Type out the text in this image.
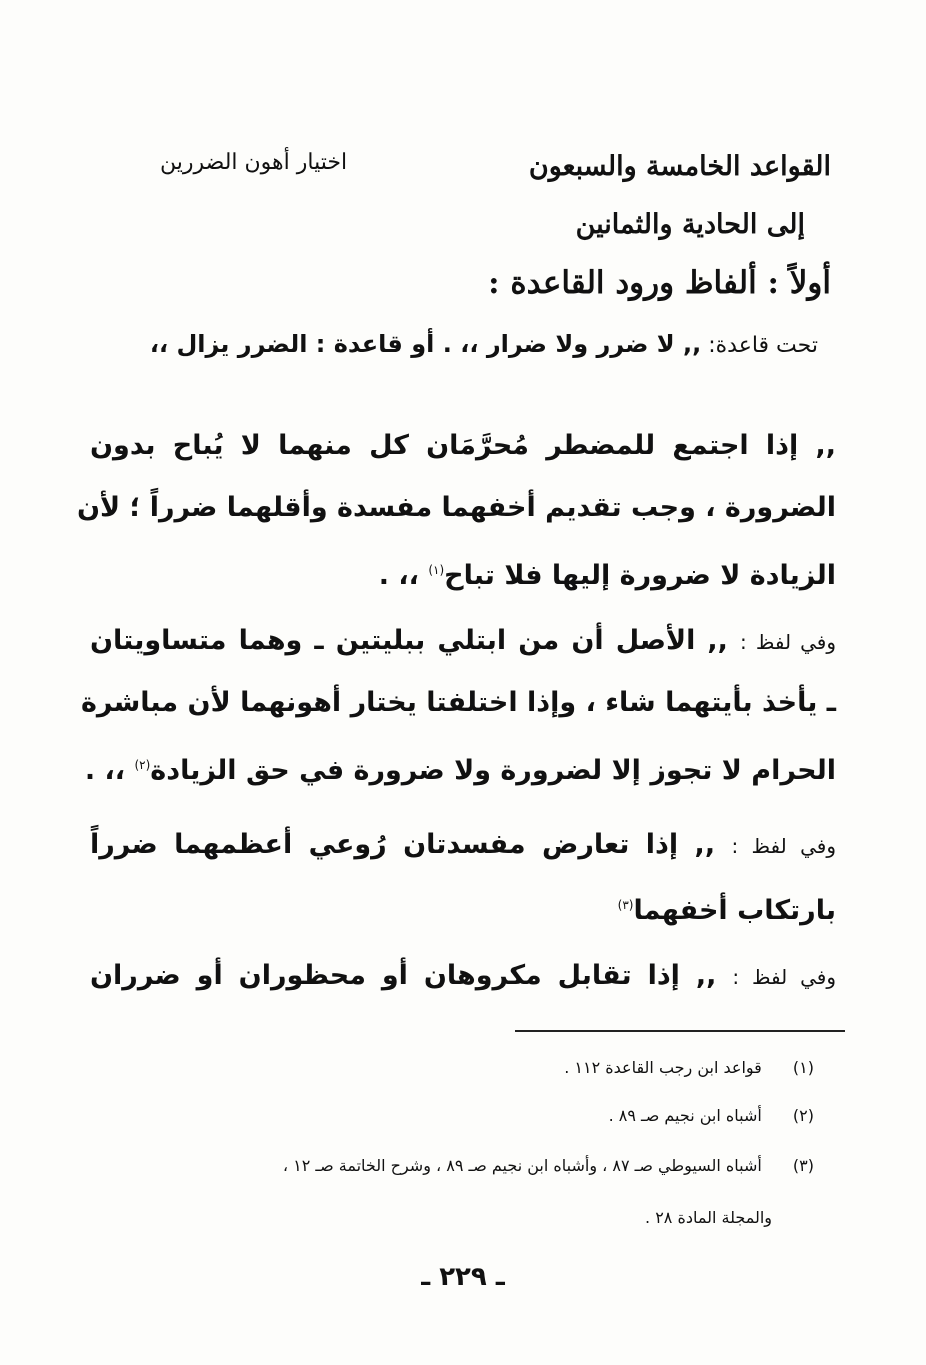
القواعد الخامسة والسبعون
إلى الحادية والثمانين
أولاً : ألفاظ ورود القاعدة :
اختيار أهون الضررين
تحت قاعدة: ,, لا ضرر ولا ضرار ،، . أو قاعدة : الضرر يزال ،،
,, إذا اجتمع للمضطر مُحرَّمَان كل منهما لا يُباح بدون
الضرورة ، وجب تقديم أخفهما مفسدة وأقلهما ضرراً ؛ لأن
الزيادة لا ضرورة إليها فلا تباح$^{(١)}$ ،، .
وفي لفظ : ,, الأصل أن من ابتلي ببليتين ـ وهما متساويتان
ـ يأخذ بأيتهما شاء ، وإذا اختلفتا يختار أهونهما لأن مباشرة
الحرام لا تجوز إلا لضرورة ولا ضرورة في حق الزيادة$^{(٢)}$ ،، .
وفي لفظ : ,, إذا تعارض مفسدتان رُوعي أعظمهما ضرراً
بارتكاب أخفهما$^{(٣)}$
وفي لفظ : ,, إذا تقابل مكروهان أو محظوران أو ضرران
(١)  قواعد ابن رجب القاعدة ١١٢ .
(٢)  أشباه ابن نجيم صـ ٨٩ .
(٣)  أشباه السيوطي صـ ٨٧ ، وأشباه ابن نجيم صـ ٨٩ ، وشرح الخاتمة صـ ١٢ ،
والمجلة المادة ٢٨ .
ـ ٢٢٩ ـ
